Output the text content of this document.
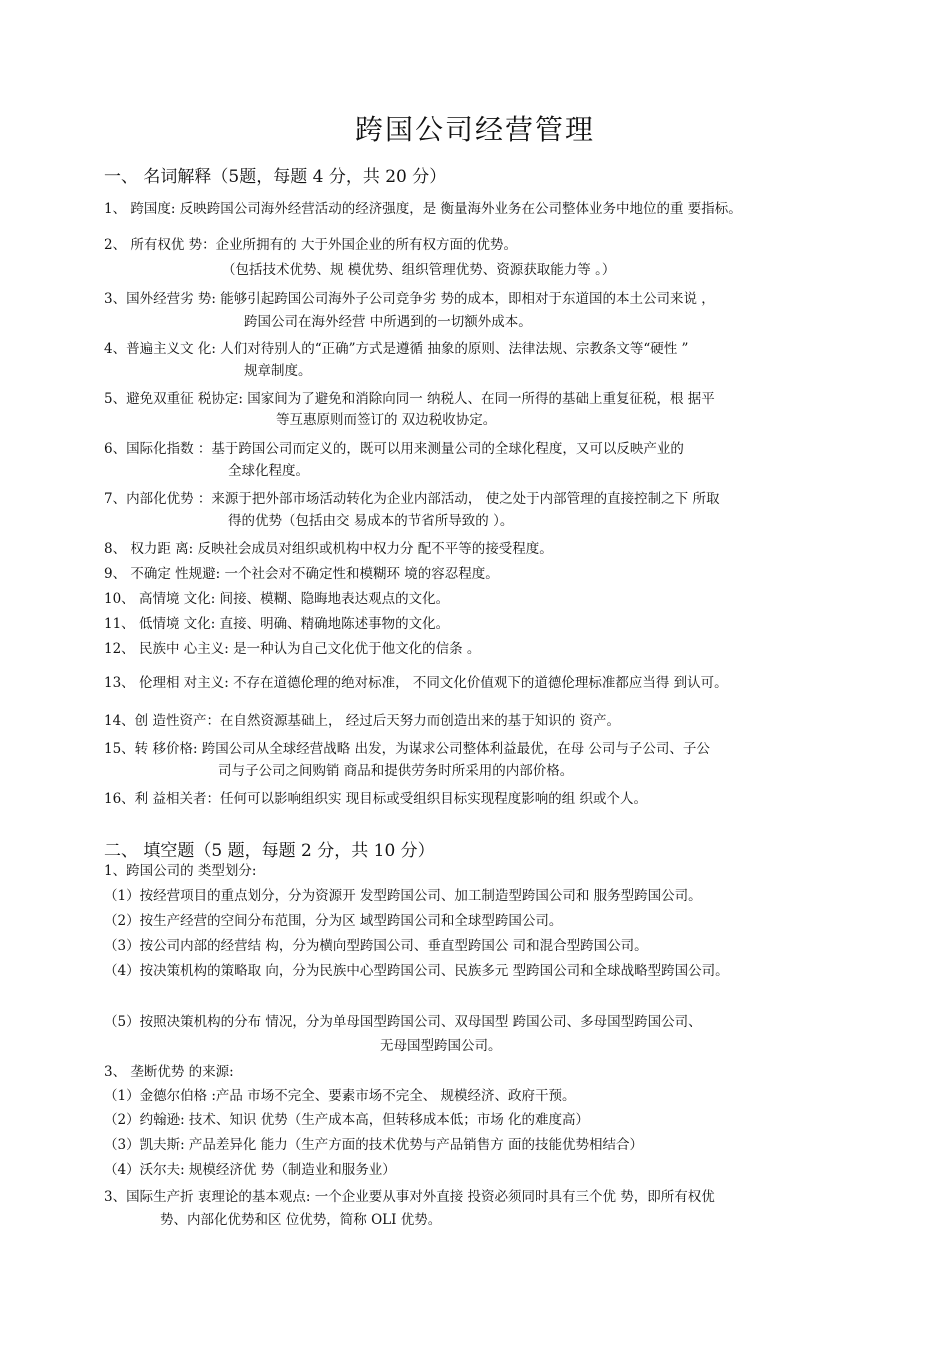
跨国公司经营管理
一、 名词解释（5题，每题 4 分，共 20 分）
1、 跨国度: 反映跨国公司海外经营活动的经济强度，是 衡量海外业务在公司整体业务中地位的重 要指标。
2、 所有权优 势：企业所拥有的 大于外国企业的所有权方面的优势。
（包括技术优势、规 模优势、组织管理优势、资源获取能力等 。）
3、国外经营劣 势: 能够引起跨国公司海外子公司竞争劣 势的成本，即相对于东道国的本土公司来说 ，
跨国公司在海外经营 中所遇到的一切额外成本。
4、普遍主义文 化: 人们对待别人的“正确”方式是遵循 抽象的原则、法律法规、宗教条文等“硬性 ”
规章制度。
5、避免双重征 税协定: 国家间为了避免和消除向同一 纳税人、在同一所得的基础上重复征税，根 据平
等互惠原则而签订的 双边税收协定。
6、国际化指数 ：基于跨国公司而定义的，既可以用来测量公司的全球化程度，又可以反映产业的
全球化程度。
7、内部化优势 ：来源于把外部市场活动转化为企业内部活动， 使之处于内部管理的直接控制之下 所取
得的优势（包括由交 易成本的节省所导致的 ）。
8、 权力距 离: 反映社会成员对组织或机构中权力分 配不平等的接受程度。
9、 不确定 性规避: 一个社会对不确定性和模糊环 境的容忍程度。
10、 高情境 文化: 间接、模糊、隐晦地表达观点的文化。
11、 低情境 文化: 直接、明确、精确地陈述事物的文化。
12、 民族中 心主义: 是一种认为自己文化优于他文化的信条 。
13、 伦理相 对主义: 不存在道德伦理的绝对标准， 不同文化价值观下的道德伦理标准都应当得 到认可。
14、创 造性资产：在自然资源基础上， 经过后天努力而创造出来的基于知识的 资产。
15、转 移价格: 跨国公司从全球经营战略 出发，为谋求公司整体利益最优，在母 公司与子公司、子公
司与子公司之间购销 商品和提供劳务时所采用的内部价格。
16、利 益相关者：任何可以影响组织实 现目标或受组织目标实现程度影响的组 织或个人。
二、 填空题（5 题，每题 2 分，共 10 分）
1、跨国公司的 类型划分:
（1）按经营项目的重点划分，分为资源开 发型跨国公司、加工制造型跨国公司和 服务型跨国公司。
（2）按生产经营的空间分布范围，分为区 域型跨国公司和全球型跨国公司。
（3）按公司内部的经营结 构，分为横向型跨国公司、垂直型跨国公 司和混合型跨国公司。
（4）按决策机构的策略取 向，分为民族中心型跨国公司、民族多元 型跨国公司和全球战略型跨国公司。
（5）按照决策机构的分布 情况，分为单母国型跨国公司、双母国型 跨国公司、多母国型跨国公司、
无母国型跨国公司。
3、 垄断优势 的来源:
（1）金德尔伯格 :产品 市场不完全、要素市场不完全、 规模经济、政府干预。
（2）约翰逊: 技术、知识 优势（生产成本高，但转移成本低；市场 化的难度高）
（3）凯夫斯: 产品差异化 能力（生产方面的技术优势与产品销售方 面的技能优势相结合）
（4）沃尔夫: 规模经济优 势（制造业和服务业）
3、国际生产折 衷理论的基本观点: 一个企业要从事对外直接 投资必须同时具有三个优 势，即所有权优
势、内部化优势和区 位优势，简称 OLI 优势。
